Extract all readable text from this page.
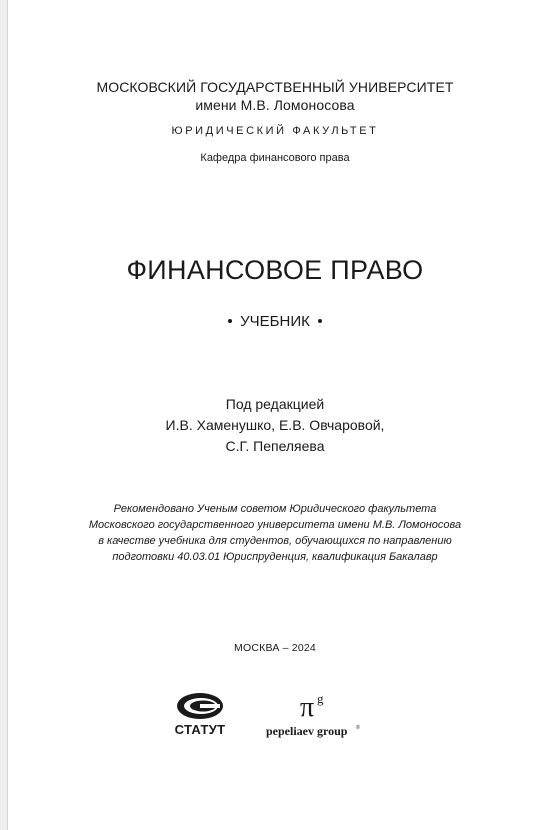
МОСКОВСКИЙ ГОСУДАРСТВЕННЫЙ УНИВЕРСИТЕТ
имени М.В. Ломоносова
ЮРИДИЧЕСКИЙ ФАКУЛЬТЕТ
Кафедра финансового права
ФИНАНСОВОЕ ПРАВО
УЧЕБНИК
Под редакцией
И.В. Хаменушко, Е.В. Овчаровой,
С.Г. Пепеляева
Рекомендовано Ученым советом Юридического факультета
Московского государственного университета имени М.В. Ломоносова
в качестве учебника для студентов, обучающихся по направлению
подготовки 40.03.01 Юриспруденция, квалификация Бакалавр
МОСКВА – 2024
СТАТУТ
π g
pepeliaev group ®
